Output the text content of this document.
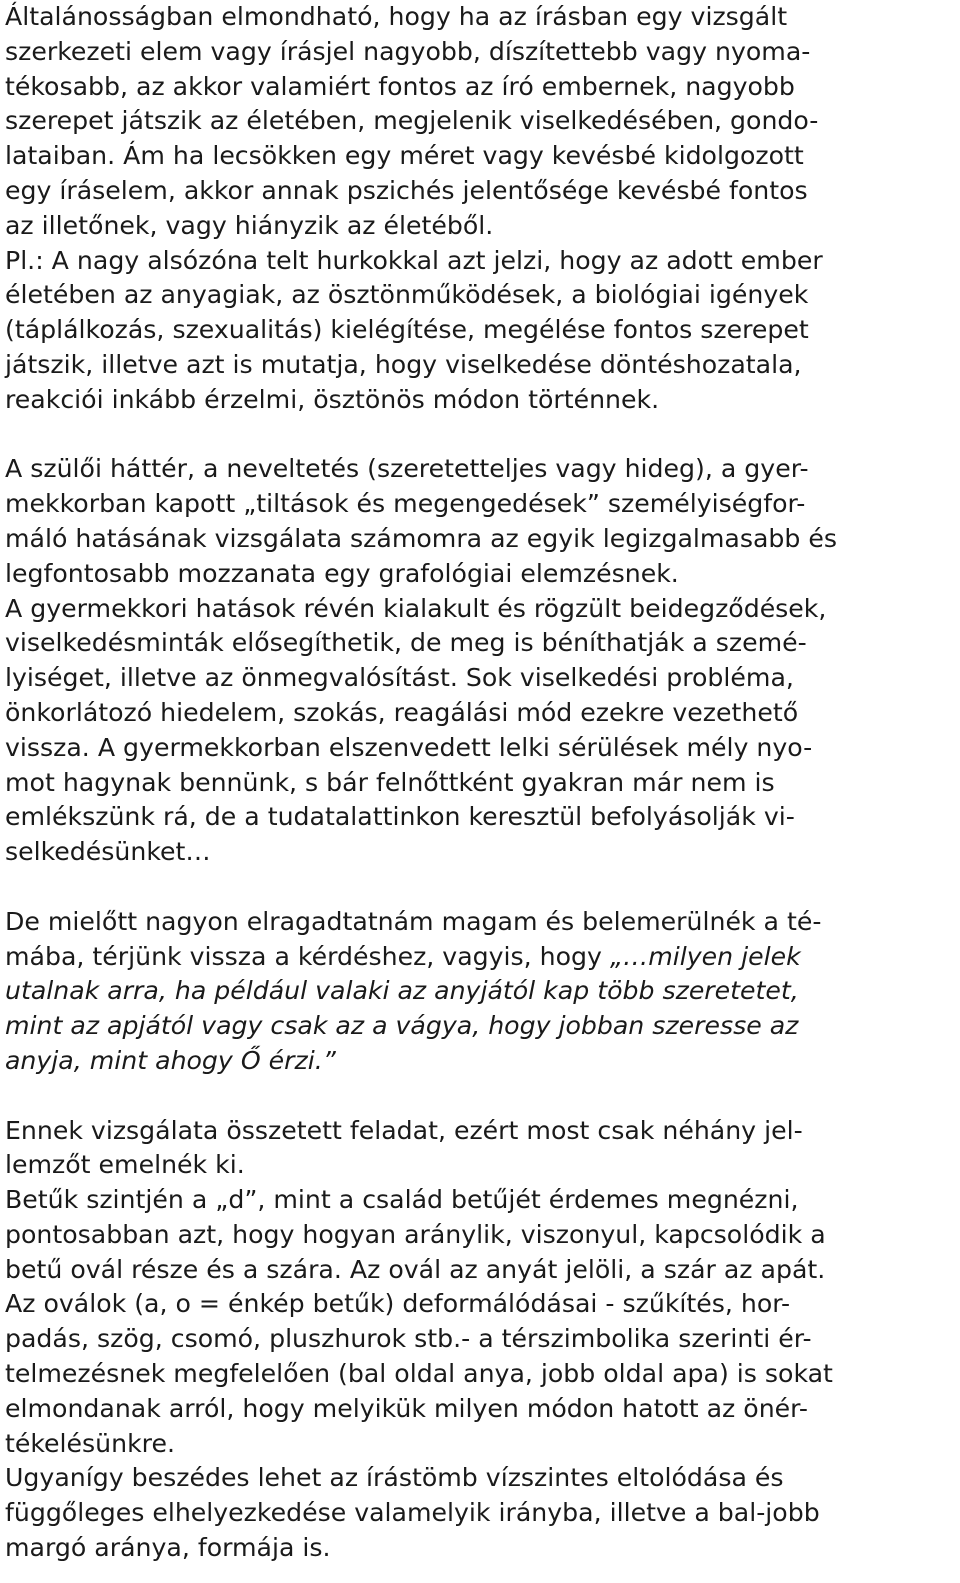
Általánosságban elmondható, hogy ha az írásban egy vizsgált
szerkezeti elem vagy írásjel nagyobb, díszítettebb vagy nyoma-
tékosabb, az akkor valamiért fontos az író embernek, nagyobb
szerepet játszik az életében, megjelenik viselkedésében, gondo-
lataiban. Ám ha lecsökken egy méret vagy kevésbé kidolgozott
egy íráselem, akkor annak pszichés jelentősége kevésbé fontos
az illetőnek, vagy hiányzik az életéből.
Pl.: A nagy alsózóna telt hurkokkal azt jelzi, hogy az adott ember
életében az anyagiak, az ösztönműködések, a biológiai igények
(táplálkozás, szexualitás) kielégítése, megélése fontos szerepet
játszik, illetve azt is mutatja, hogy viselkedése döntéshozatala,
reakciói inkább érzelmi, ösztönös módon történnek.
A szülői háttér, a neveltetés (szeretetteljes vagy hideg), a gyer-
mekkorban kapott „tiltások és megengedések” személyiségfor-
máló hatásának vizsgálata számomra az egyik legizgalmasabb és
legfontosabb mozzanata egy grafológiai elemzésnek.
A gyermekkori hatások révén kialakult és rögzült beidegződések,
viselkedésminták elősegíthetik, de meg is béníthatják a szemé-
lyiséget, illetve az önmegvalósítást. Sok viselkedési probléma,
önkorlátozó hiedelem, szokás, reagálási mód ezekre vezethető
vissza. A gyermekkorban elszenvedett lelki sérülések mély nyo-
mot hagynak bennünk, s bár felnőttként gyakran már nem is
emlékszünk rá, de a tudatalattinkon keresztül befolyásolják vi-
selkedésünket…
De mielőtt nagyon elragadtatnám magam és belemerülnék a té-
mába, térjünk vissza a kérdéshez, vagyis, hogy „…milyen jelek
utalnak arra, ha például valaki az anyjától kap több szeretetet,
mint az apjától vagy csak az a vágya, hogy jobban szeresse az
anyja, mint ahogy Ő érzi.”
Ennek vizsgálata összetett feladat, ezért most csak néhány jel-
lemzőt emelnék ki.
Betűk szintjén a „d”, mint a család betűjét érdemes megnézni,
pontosabban azt, hogy hogyan aránylik, viszonyul, kapcsolódik a
betű ovál része és a szára. Az ovál az anyát jelöli, a szár az apát.
Az oválok (a, o = énkép betűk) deformálódásai - szűkítés, hor-
padás, szög, csomó, pluszhurok stb.- a térszimbolika szerinti ér-
telmezésnek megfelelően (bal oldal anya, jobb oldal apa) is sokat
elmondanak arról, hogy melyikük milyen módon hatott az önér-
tékelésünkre.
Ugyanígy beszédes lehet az írástömb vízszintes eltolódása és
függőleges elhelyezkedése valamelyik irányba, illetve a bal-jobb
margó aránya, formája is.
